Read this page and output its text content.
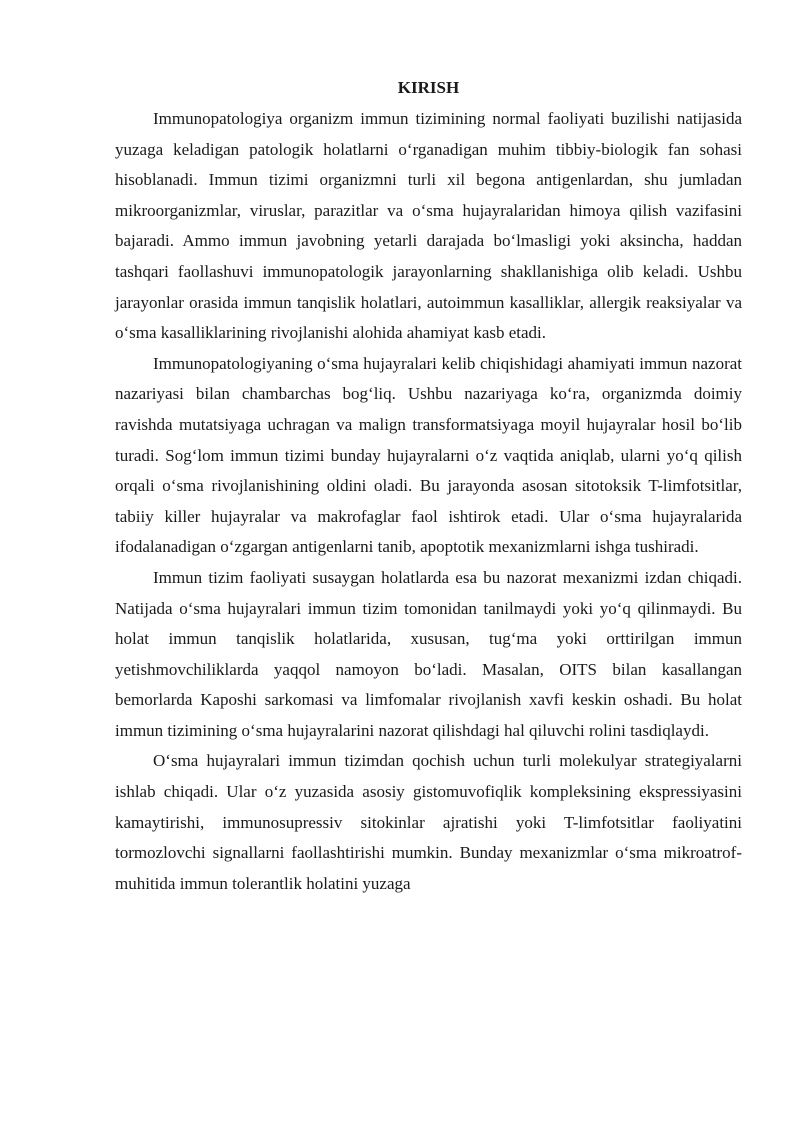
KIRISH

Immunopatologiya organizm immun tizimining normal faoliyati buzilishi natijasida yuzaga keladigan patologik holatlarni o‘rganadigan muhim tibbiy-biologik fan sohasi hisoblanadi. Immun tizimi organizmni turli xil begona antigenlardan, shu jumladan mikroorganizmlar, viruslar, parazitlar va o‘sma hujayralaridan himoya qilish vazifasini bajaradi. Ammo immun javobning yetarli darajada bo‘lmasligi yoki aksincha, haddan tashqari faollashuvi immunopatologik jarayonlarning shakllanishiga olib keladi. Ushbu jarayonlar orasida immun tanqislik holatlari, autoimmun kasalliklar, allergik reaksiyalar va o‘sma kasalliklarining rivojlanishi alohida ahamiyat kasb etadi.

Immunopatologiyaning o‘sma hujayralari kelib chiqishidagi ahamiyati immun nazorat nazariyasi bilan chambarchas bog‘liq. Ushbu nazariyaga ko‘ra, organizmda doimiy ravishda mutatsiyaga uchragan va malign transformatsiyaga moyil hujayralar hosil bo‘lib turadi. Sog‘lom immun tizimi bunday hujayralarni o‘z vaqtida aniqlab, ularni yo‘q qilish orqali o‘sma rivojlanishining oldini oladi. Bu jarayonda asosan sitotoksik T-limfotsitlar, tabiiy killer hujayralar va makrofaglar faol ishtirok etadi. Ular o‘sma hujayralarida ifodalanadigan o‘zgargan antigenlarni tanib, apoptotik mexanizmlarni ishga tushiradi.

Immun tizim faoliyati susaygan holatlarda esa bu nazorat mexanizmi izdan chiqadi. Natijada o‘sma hujayralari immun tizim tomonidan tanilmaydi yoki yo‘q qilinmaydi. Bu holat immun tanqislik holatlarida, xususan, tug‘ma yoki orttirilgan immun yetishmovchiliklarda yaqqol namoyon bo‘ladi. Masalan, OITS bilan kasallangan bemorlarda Kaposhi sarkomasi va limfomalar rivojlanish xavfi keskin oshadi. Bu holat immun tizimining o‘sma hujayralarini nazorat qilishdagi hal qiluvchi rolini tasdiqlaydi.

O‘sma hujayralari immun tizimdan qochish uchun turli molekulyar strategiyalarni ishlab chiqadi. Ular o‘z yuzasida asosiy gistomuvofiqlik kompleksining ekspressiyasini kamaytirishi, immunosupressiv sitokinlar ajratishi yoki T-limfotsitlar faoliyatini tormozlovchi signallarni faollashtirishi mumkin. Bunday mexanizmlar o‘sma mikroatrof-muhitida immun tolerantlik holatini yuzaga
